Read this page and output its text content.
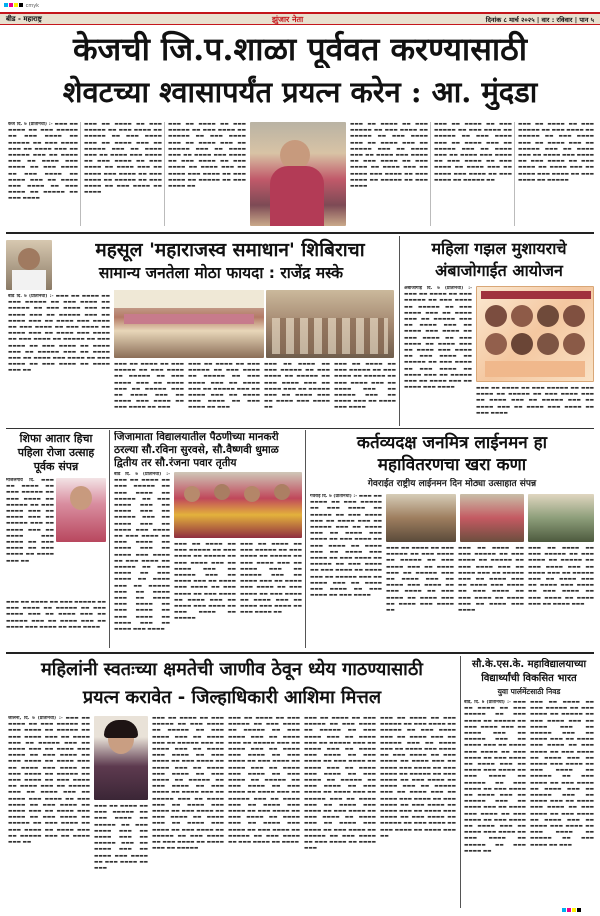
cmyk
बीड - महाराष्ट्र	झुंजार नेता	दिनांक ८ मार्च २०२५ | वार : रविवार | पान ५
केजची जि.प.शाळा पूर्ववत करण्यासाठी
शेवटच्या श्वासापर्यंत प्रयत्न करेन : आ. मुंदडा
केज दि. ७ (प्रतिनिधी) :- ▬▬▬ ▬▬ ▬▬▬▬ ▬▬ ▬▬▬ ▬▬▬▬▬ ▬▬ ▬▬▬ ▬▬▬▬ ▬▬ ▬▬▬▬▬ ▬▬ ▬▬▬ ▬▬▬▬ ▬▬▬ ▬▬ ▬▬▬▬ ▬▬▬ ▬▬ ▬▬▬▬▬ ▬▬▬ ▬▬ ▬▬▬▬ ▬▬▬ ▬▬ ▬▬▬▬ ▬▬▬ ▬▬▬▬ ▬▬ ▬▬▬ ▬▬▬▬ ▬▬ ▬▬▬ ▬▬▬▬ ▬▬ ▬▬▬▬ ▬▬▬ ▬▬ ▬▬▬▬ ▬▬▬ ▬▬▬▬ ▬▬ ▬▬▬ ▬▬▬▬ ▬▬ ▬▬▬▬▬ ▬▬ ▬▬▬ ▬▬▬▬
▬▬▬ ▬▬ ▬▬▬▬ ▬▬ ▬▬▬ ▬▬▬▬▬ ▬▬ ▬▬▬ ▬▬▬▬ ▬▬ ▬▬▬▬▬ ▬▬ ▬▬▬ ▬▬▬▬ ▬▬▬ ▬▬ ▬▬▬▬ ▬▬▬ ▬▬ ▬▬▬▬▬ ▬▬▬ ▬▬ ▬▬▬▬ ▬▬▬ ▬▬ ▬▬▬▬ ▬▬▬ ▬▬▬▬ ▬▬ ▬▬▬ ▬▬▬▬ ▬▬ ▬▬▬ ▬▬▬▬ ▬▬ ▬▬▬▬ ▬▬▬ ▬▬ ▬▬▬▬ ▬▬▬ ▬▬▬▬ ▬▬ ▬▬▬ ▬▬▬▬ ▬▬ ▬▬▬▬▬ ▬▬ ▬▬▬ ▬▬▬▬ ▬▬ ▬▬▬ ▬▬▬▬ ▬▬ ▬▬▬▬
▬▬▬ ▬▬ ▬▬▬▬ ▬▬ ▬▬▬ ▬▬▬▬▬ ▬▬ ▬▬▬ ▬▬▬▬ ▬▬ ▬▬▬▬▬ ▬▬ ▬▬▬ ▬▬▬▬ ▬▬▬ ▬▬ ▬▬▬▬ ▬▬▬ ▬▬ ▬▬▬▬▬ ▬▬▬ ▬▬ ▬▬▬▬ ▬▬▬ ▬▬ ▬▬▬▬ ▬▬▬ ▬▬▬▬ ▬▬ ▬▬▬ ▬▬▬▬ ▬▬ ▬▬▬ ▬▬▬▬ ▬▬ ▬▬▬▬ ▬▬▬ ▬▬ ▬▬▬▬ ▬▬▬ ▬▬▬▬ ▬▬ ▬▬▬ ▬▬▬▬ ▬▬ ▬▬▬▬▬ ▬▬ ▬▬▬ ▬▬▬▬ ▬▬
▬▬▬ ▬▬ ▬▬▬▬ ▬▬ ▬▬▬ ▬▬▬▬▬ ▬▬ ▬▬▬ ▬▬▬▬ ▬▬ ▬▬▬▬▬ ▬▬ ▬▬▬ ▬▬▬▬ ▬▬▬ ▬▬ ▬▬▬▬ ▬▬▬ ▬▬ ▬▬▬▬▬ ▬▬▬ ▬▬ ▬▬▬▬ ▬▬▬ ▬▬ ▬▬▬▬ ▬▬▬ ▬▬▬▬ ▬▬ ▬▬▬ ▬▬▬▬ ▬▬ ▬▬▬ ▬▬▬▬ ▬▬ ▬▬▬▬ ▬▬▬ ▬▬ ▬▬▬▬ ▬▬▬ ▬▬▬▬ ▬▬ ▬▬▬ ▬▬▬▬ ▬▬ ▬▬▬▬▬ ▬▬ ▬▬▬ ▬▬▬▬
▬▬▬ ▬▬ ▬▬▬▬ ▬▬ ▬▬▬ ▬▬▬▬▬ ▬▬ ▬▬▬ ▬▬▬▬ ▬▬ ▬▬▬▬▬ ▬▬ ▬▬▬ ▬▬▬▬ ▬▬▬ ▬▬ ▬▬▬▬ ▬▬▬ ▬▬ ▬▬▬▬▬ ▬▬▬ ▬▬ ▬▬▬▬ ▬▬▬ ▬▬ ▬▬▬▬ ▬▬▬ ▬▬▬▬ ▬▬ ▬▬▬ ▬▬▬▬ ▬▬ ▬▬▬ ▬▬▬▬ ▬▬ ▬▬▬▬ ▬▬▬ ▬▬ ▬▬▬▬ ▬▬▬ ▬▬▬▬ ▬▬ ▬▬▬ ▬▬▬▬ ▬▬ ▬▬▬▬▬ ▬▬
▬▬▬ ▬▬ ▬▬▬▬ ▬▬ ▬▬▬ ▬▬▬▬▬ ▬▬ ▬▬▬ ▬▬▬▬ ▬▬ ▬▬▬▬▬ ▬▬ ▬▬▬ ▬▬▬▬ ▬▬▬ ▬▬ ▬▬▬▬ ▬▬▬ ▬▬ ▬▬▬▬▬ ▬▬▬ ▬▬ ▬▬▬▬ ▬▬▬ ▬▬ ▬▬▬▬ ▬▬▬ ▬▬▬▬ ▬▬ ▬▬▬ ▬▬▬▬ ▬▬ ▬▬▬ ▬▬▬▬ ▬▬ ▬▬▬▬ ▬▬▬ ▬▬ ▬▬▬▬ ▬▬▬ ▬▬▬▬ ▬▬ ▬▬▬ ▬▬▬▬ ▬▬ ▬▬▬▬▬
महसूल 'महाराजस्व समाधान' शिबिराचा
सामान्य जनतेला मोठा फायदा : राजेंद्र मस्के
बीड दि. ७ (प्रतिनिधी) :- ▬▬▬ ▬▬ ▬▬▬▬ ▬▬ ▬▬▬ ▬▬▬▬▬ ▬▬ ▬▬▬ ▬▬▬▬ ▬▬ ▬▬▬▬▬ ▬▬ ▬▬▬ ▬▬▬▬ ▬▬▬ ▬▬ ▬▬▬▬ ▬▬▬ ▬▬ ▬▬▬▬▬ ▬▬▬ ▬▬ ▬▬▬▬ ▬▬▬ ▬▬ ▬▬▬▬ ▬▬▬ ▬▬▬▬ ▬▬ ▬▬▬ ▬▬▬▬ ▬▬ ▬▬▬ ▬▬▬▬ ▬▬ ▬▬▬▬ ▬▬▬ ▬▬ ▬▬▬▬ ▬▬▬ ▬▬▬▬ ▬▬ ▬▬▬ ▬▬▬▬ ▬▬ ▬▬▬▬▬ ▬▬ ▬▬▬ ▬▬▬▬ ▬▬ ▬▬▬ ▬▬▬▬ ▬▬ ▬▬▬▬ ▬▬▬ ▬▬ ▬▬▬▬▬ ▬▬▬ ▬▬ ▬▬▬▬ ▬▬▬ ▬▬ ▬▬▬▬ ▬▬▬ ▬▬▬▬ ▬▬ ▬▬▬ ▬▬▬▬ ▬▬ ▬▬▬ ▬▬▬▬ ▬▬ ▬▬▬▬ ▬▬▬ ▬▬
▬▬▬ ▬▬ ▬▬▬▬ ▬▬ ▬▬▬ ▬▬▬▬▬ ▬▬ ▬▬▬ ▬▬▬▬ ▬▬ ▬▬▬▬▬ ▬▬ ▬▬▬ ▬▬▬▬ ▬▬▬ ▬▬ ▬▬▬▬ ▬▬▬ ▬▬ ▬▬▬▬▬ ▬▬▬ ▬▬ ▬▬▬▬ ▬▬▬ ▬▬ ▬▬▬▬ ▬▬▬ ▬▬▬▬ ▬▬ ▬▬▬ ▬▬▬▬ ▬▬ ▬▬▬
▬▬▬ ▬▬ ▬▬▬▬ ▬▬ ▬▬▬ ▬▬▬▬▬ ▬▬ ▬▬▬ ▬▬▬▬ ▬▬ ▬▬▬▬▬ ▬▬ ▬▬▬ ▬▬▬▬ ▬▬▬ ▬▬ ▬▬▬▬ ▬▬▬ ▬▬ ▬▬▬▬▬ ▬▬▬ ▬▬ ▬▬▬▬ ▬▬▬ ▬▬ ▬▬▬▬ ▬▬▬ ▬▬▬▬ ▬▬ ▬▬▬ ▬▬▬▬ ▬▬ ▬▬▬
▬▬▬ ▬▬ ▬▬▬▬ ▬▬ ▬▬▬ ▬▬▬▬▬ ▬▬ ▬▬▬ ▬▬▬▬ ▬▬ ▬▬▬▬▬ ▬▬ ▬▬▬ ▬▬▬▬ ▬▬▬ ▬▬ ▬▬▬▬ ▬▬▬ ▬▬ ▬▬▬▬▬ ▬▬▬ ▬▬ ▬▬▬▬ ▬▬▬ ▬▬ ▬▬▬▬ ▬▬▬ ▬▬▬▬ ▬▬
▬▬▬ ▬▬ ▬▬▬▬ ▬▬ ▬▬▬ ▬▬▬▬▬ ▬▬ ▬▬▬ ▬▬▬▬ ▬▬ ▬▬▬▬▬ ▬▬ ▬▬▬ ▬▬▬▬ ▬▬▬ ▬▬ ▬▬▬▬ ▬▬▬ ▬▬ ▬▬▬▬▬ ▬▬▬ ▬▬ ▬▬▬▬ ▬▬▬ ▬▬ ▬▬▬▬ ▬▬▬ ▬▬▬▬
महिला गझल मुशायराचे
अंबाजोगाईत आयोजन
अंबाजोगाई दि. ७ (प्रतिनिधी) :- ▬▬▬ ▬▬ ▬▬▬▬ ▬▬ ▬▬▬ ▬▬▬▬▬ ▬▬ ▬▬▬ ▬▬▬▬ ▬▬ ▬▬▬▬▬ ▬▬ ▬▬▬ ▬▬▬▬ ▬▬▬ ▬▬ ▬▬▬▬ ▬▬▬ ▬▬ ▬▬▬▬▬ ▬▬▬ ▬▬ ▬▬▬▬ ▬▬▬ ▬▬ ▬▬▬▬ ▬▬▬ ▬▬▬▬ ▬▬ ▬▬▬ ▬▬▬▬ ▬▬ ▬▬▬ ▬▬▬▬ ▬▬ ▬▬▬▬ ▬▬▬ ▬▬ ▬▬▬▬ ▬▬▬ ▬▬▬▬ ▬▬ ▬▬▬ ▬▬▬▬ ▬▬ ▬▬▬▬▬ ▬▬ ▬▬▬ ▬▬▬▬ ▬▬ ▬▬▬ ▬▬▬▬ ▬▬ ▬▬▬▬ ▬▬▬ ▬▬ ▬▬▬▬▬ ▬▬▬ ▬▬ ▬▬▬▬ ▬▬▬ ▬▬ ▬▬▬▬ ▬▬▬ ▬▬▬▬	▬▬▬ ▬▬ ▬▬▬▬ ▬▬ ▬▬▬ ▬▬▬▬▬ ▬▬ ▬▬▬ ▬▬▬▬ ▬▬ ▬▬▬▬▬ ▬▬ ▬▬▬ ▬▬▬▬ ▬▬▬ ▬▬ ▬▬▬▬ ▬▬▬ ▬▬ ▬▬▬▬▬ ▬▬▬ ▬▬ ▬▬▬▬ ▬▬▬ ▬▬ ▬▬▬▬ ▬▬▬ ▬▬▬▬ ▬▬ ▬▬▬ ▬▬▬▬
शिफा आतार हिचा
पहिला रोजा उत्साह
पूर्वक संपन्न
माजलगाव दि. ▬▬▬ ▬▬ ▬▬▬▬ ▬▬ ▬▬▬ ▬▬▬▬▬ ▬▬ ▬▬▬ ▬▬▬▬ ▬▬ ▬▬▬▬▬ ▬▬ ▬▬▬ ▬▬▬▬ ▬▬▬ ▬▬ ▬▬▬▬ ▬▬▬ ▬▬ ▬▬▬▬▬ ▬▬▬ ▬▬ ▬▬▬▬ ▬▬▬ ▬▬ ▬▬▬▬ ▬▬▬ ▬▬▬▬ ▬▬ ▬▬▬ ▬▬▬▬ ▬▬ ▬▬▬ ▬▬▬▬ ▬▬ ▬▬▬▬ ▬▬▬ ▬▬
▬▬▬ ▬▬ ▬▬▬▬ ▬▬ ▬▬▬ ▬▬▬▬▬ ▬▬ ▬▬▬ ▬▬▬▬ ▬▬ ▬▬▬▬▬ ▬▬ ▬▬▬ ▬▬▬▬ ▬▬▬ ▬▬ ▬▬▬▬ ▬▬▬ ▬▬ ▬▬▬▬▬ ▬▬▬ ▬▬ ▬▬▬▬ ▬▬▬ ▬▬ ▬▬▬▬ ▬▬▬ ▬▬▬▬ ▬▬ ▬▬▬ ▬▬▬▬
जिजामाता विद्यालयातील पैठणीच्या मानकरी
ठरल्या सौ.रविना सुरवसे, सौ.वैष्णवी धुमाळ
द्वितीय तर सौ.रंजना पवार तृतीय
बीड दि. ७ (प्रतिनिधी) :- ▬▬▬ ▬▬ ▬▬▬▬ ▬▬ ▬▬▬ ▬▬▬▬▬ ▬▬ ▬▬▬ ▬▬▬▬ ▬▬ ▬▬▬▬▬ ▬▬ ▬▬▬ ▬▬▬▬ ▬▬▬ ▬▬ ▬▬▬▬ ▬▬▬ ▬▬ ▬▬▬▬▬ ▬▬▬ ▬▬ ▬▬▬▬ ▬▬▬ ▬▬ ▬▬▬▬ ▬▬▬ ▬▬▬▬ ▬▬ ▬▬▬ ▬▬▬▬ ▬▬ ▬▬▬ ▬▬▬▬ ▬▬ ▬▬▬▬ ▬▬▬ ▬▬ ▬▬▬▬ ▬▬▬ ▬▬▬▬ ▬▬ ▬▬▬ ▬▬▬▬ ▬▬ ▬▬▬▬▬ ▬▬ ▬▬▬ ▬▬▬▬ ▬▬ ▬▬▬ ▬▬▬▬ ▬▬ ▬▬▬▬ ▬▬▬ ▬▬ ▬▬▬▬▬ ▬▬▬ ▬▬ ▬▬▬▬ ▬▬▬ ▬▬ ▬▬▬▬ ▬▬▬ ▬▬▬▬ ▬▬ ▬▬▬ ▬▬▬▬ ▬▬ ▬▬▬ ▬▬▬▬ ▬▬ ▬▬▬▬ ▬▬▬ ▬▬ ▬▬▬▬ ▬▬▬ ▬▬▬▬
▬▬▬ ▬▬ ▬▬▬▬ ▬▬ ▬▬▬ ▬▬▬▬▬ ▬▬ ▬▬▬ ▬▬▬▬ ▬▬ ▬▬▬▬▬ ▬▬ ▬▬▬ ▬▬▬▬ ▬▬▬ ▬▬ ▬▬▬▬ ▬▬▬ ▬▬ ▬▬▬▬▬ ▬▬▬ ▬▬ ▬▬▬▬ ▬▬▬ ▬▬ ▬▬▬▬ ▬▬▬ ▬▬▬▬ ▬▬ ▬▬▬ ▬▬▬▬ ▬▬ ▬▬▬ ▬▬▬▬ ▬▬ ▬▬▬▬ ▬▬▬ ▬▬ ▬▬▬▬ ▬▬▬ ▬▬▬▬ ▬▬ ▬▬▬ ▬▬▬▬ ▬▬ ▬▬▬▬▬
▬▬▬ ▬▬ ▬▬▬▬ ▬▬ ▬▬▬ ▬▬▬▬▬ ▬▬ ▬▬▬ ▬▬▬▬ ▬▬ ▬▬▬▬▬ ▬▬ ▬▬▬ ▬▬▬▬ ▬▬▬ ▬▬ ▬▬▬▬ ▬▬▬ ▬▬ ▬▬▬▬▬ ▬▬▬ ▬▬ ▬▬▬▬ ▬▬▬ ▬▬ ▬▬▬▬ ▬▬▬ ▬▬▬▬ ▬▬ ▬▬▬ ▬▬▬▬ ▬▬ ▬▬▬ ▬▬▬▬ ▬▬ ▬▬▬▬ ▬▬▬ ▬▬ ▬▬▬▬ ▬▬▬ ▬▬▬▬ ▬▬ ▬▬▬ ▬▬▬▬ ▬▬
कर्तव्यदक्ष जनमित्र लाईनमन हा
महावितरणचा खरा कणा
गेवराईत राष्ट्रीय लाईनमन दिन मोठ्या उत्साहात संपन्न
गेवराई दि. ७ (प्रतिनिधी) :- ▬▬▬ ▬▬ ▬▬▬▬ ▬▬ ▬▬▬ ▬▬▬▬▬ ▬▬ ▬▬▬ ▬▬▬▬ ▬▬ ▬▬▬▬▬ ▬▬ ▬▬▬ ▬▬▬▬ ▬▬▬ ▬▬ ▬▬▬▬ ▬▬▬ ▬▬ ▬▬▬▬▬ ▬▬▬ ▬▬ ▬▬▬▬ ▬▬▬ ▬▬ ▬▬▬▬ ▬▬▬ ▬▬▬▬ ▬▬ ▬▬▬ ▬▬▬▬ ▬▬ ▬▬▬ ▬▬▬▬ ▬▬ ▬▬▬▬ ▬▬▬ ▬▬ ▬▬▬▬ ▬▬▬ ▬▬▬▬ ▬▬ ▬▬▬ ▬▬▬▬ ▬▬ ▬▬▬▬▬ ▬▬ ▬▬▬ ▬▬▬▬ ▬▬ ▬▬▬ ▬▬▬▬ ▬▬ ▬▬▬▬ ▬▬▬ ▬▬ ▬▬▬▬▬ ▬▬▬ ▬▬ ▬▬▬▬ ▬▬▬ ▬▬ ▬▬▬▬ ▬▬▬ ▬▬▬▬ ▬▬ ▬▬▬ ▬▬▬▬ ▬▬ ▬▬▬ ▬▬▬▬
▬▬▬ ▬▬ ▬▬▬▬ ▬▬ ▬▬▬ ▬▬▬▬▬ ▬▬ ▬▬▬ ▬▬▬▬ ▬▬ ▬▬▬▬▬ ▬▬ ▬▬▬ ▬▬▬▬ ▬▬▬ ▬▬ ▬▬▬▬ ▬▬▬ ▬▬ ▬▬▬▬▬ ▬▬▬ ▬▬ ▬▬▬▬ ▬▬▬ ▬▬ ▬▬▬▬ ▬▬▬ ▬▬▬▬ ▬▬ ▬▬▬ ▬▬▬▬ ▬▬ ▬▬▬ ▬▬▬▬ ▬▬ ▬▬▬▬ ▬▬▬ ▬▬ ▬▬▬▬ ▬▬▬ ▬▬▬▬ ▬▬
▬▬▬ ▬▬ ▬▬▬▬ ▬▬ ▬▬▬ ▬▬▬▬▬ ▬▬ ▬▬▬ ▬▬▬▬ ▬▬ ▬▬▬▬▬ ▬▬ ▬▬▬ ▬▬▬▬ ▬▬▬ ▬▬ ▬▬▬▬ ▬▬▬ ▬▬ ▬▬▬▬▬ ▬▬▬ ▬▬ ▬▬▬▬ ▬▬▬ ▬▬ ▬▬▬▬ ▬▬▬ ▬▬▬▬ ▬▬ ▬▬▬ ▬▬▬▬ ▬▬ ▬▬▬ ▬▬▬▬ ▬▬ ▬▬▬▬ ▬▬▬ ▬▬ ▬▬▬▬ ▬▬▬ ▬▬▬▬
▬▬▬ ▬▬ ▬▬▬▬ ▬▬ ▬▬▬ ▬▬▬▬▬ ▬▬ ▬▬▬ ▬▬▬▬ ▬▬ ▬▬▬▬▬ ▬▬ ▬▬▬ ▬▬▬▬ ▬▬▬ ▬▬ ▬▬▬▬ ▬▬▬ ▬▬ ▬▬▬▬▬ ▬▬▬ ▬▬ ▬▬▬▬ ▬▬▬ ▬▬ ▬▬▬▬ ▬▬▬ ▬▬▬▬ ▬▬ ▬▬▬ ▬▬▬▬ ▬▬ ▬▬▬ ▬▬▬▬ ▬▬ ▬▬▬▬ ▬▬▬ ▬▬ ▬▬▬▬ ▬▬▬
महिलांनी स्वतःच्या क्षमतेची जाणीव ठेवून ध्येय गाठण्यासाठी
प्रयत्न करावेत - जिल्हाधिकारी आशिमा मित्तल
जालना, दि. ७ (प्रतिनिधी) :- ▬▬▬ ▬▬ ▬▬▬▬ ▬▬ ▬▬▬ ▬▬▬▬▬ ▬▬ ▬▬▬ ▬▬▬▬ ▬▬ ▬▬▬▬▬ ▬▬ ▬▬▬ ▬▬▬▬ ▬▬▬ ▬▬ ▬▬▬▬ ▬▬▬ ▬▬ ▬▬▬▬▬ ▬▬▬ ▬▬ ▬▬▬▬ ▬▬▬ ▬▬ ▬▬▬▬ ▬▬▬ ▬▬▬▬ ▬▬ ▬▬▬ ▬▬▬▬ ▬▬ ▬▬▬ ▬▬▬▬ ▬▬ ▬▬▬▬ ▬▬▬ ▬▬ ▬▬▬▬ ▬▬▬ ▬▬▬▬ ▬▬ ▬▬▬ ▬▬▬▬ ▬▬ ▬▬▬▬▬ ▬▬ ▬▬▬ ▬▬▬▬ ▬▬ ▬▬▬ ▬▬▬▬ ▬▬ ▬▬▬▬ ▬▬▬ ▬▬ ▬▬▬▬▬ ▬▬▬ ▬▬ ▬▬▬▬ ▬▬▬ ▬▬ ▬▬▬▬ ▬▬▬ ▬▬▬▬ ▬▬ ▬▬▬ ▬▬▬▬ ▬▬ ▬▬▬ ▬▬▬▬ ▬▬ ▬▬▬▬ ▬▬▬ ▬▬ ▬▬▬▬ ▬▬▬ ▬▬▬▬ ▬▬ ▬▬▬ ▬▬▬▬ ▬▬ ▬▬▬▬▬ ▬▬ ▬▬▬ ▬▬▬▬ ▬▬ ▬▬▬ ▬▬▬▬ ▬▬ ▬▬▬▬ ▬▬▬ ▬▬ ▬▬▬▬▬ ▬▬▬ ▬▬ ▬▬▬▬ ▬▬▬ ▬▬
▬▬▬ ▬▬ ▬▬▬▬ ▬▬ ▬▬▬ ▬▬▬▬▬ ▬▬ ▬▬▬ ▬▬▬▬ ▬▬ ▬▬▬▬▬ ▬▬ ▬▬▬ ▬▬▬▬ ▬▬▬ ▬▬ ▬▬▬▬ ▬▬▬ ▬▬ ▬▬▬▬▬ ▬▬▬ ▬▬ ▬▬▬▬ ▬▬▬ ▬▬ ▬▬▬▬ ▬▬▬ ▬▬▬▬ ▬▬ ▬▬▬ ▬▬▬▬ ▬▬ ▬▬▬
▬▬▬ ▬▬ ▬▬▬▬ ▬▬ ▬▬▬ ▬▬▬▬▬ ▬▬ ▬▬▬ ▬▬▬▬ ▬▬ ▬▬▬▬▬ ▬▬ ▬▬▬ ▬▬▬▬ ▬▬▬ ▬▬ ▬▬▬▬ ▬▬▬ ▬▬ ▬▬▬▬▬ ▬▬▬ ▬▬ ▬▬▬▬ ▬▬▬ ▬▬ ▬▬▬▬ ▬▬▬ ▬▬▬▬ ▬▬ ▬▬▬ ▬▬▬▬ ▬▬ ▬▬▬ ▬▬▬▬ ▬▬ ▬▬▬▬ ▬▬▬ ▬▬ ▬▬▬▬ ▬▬▬ ▬▬▬▬ ▬▬ ▬▬▬ ▬▬▬▬ ▬▬ ▬▬▬▬▬ ▬▬ ▬▬▬ ▬▬▬▬ ▬▬ ▬▬▬ ▬▬▬▬ ▬▬ ▬▬▬▬ ▬▬▬ ▬▬ ▬▬▬▬▬ ▬▬▬ ▬▬ ▬▬▬▬ ▬▬▬ ▬▬ ▬▬▬▬ ▬▬▬ ▬▬▬▬ ▬▬ ▬▬▬ ▬▬▬▬ ▬▬ ▬▬▬ ▬▬▬▬ ▬▬ ▬▬▬▬ ▬▬▬ ▬▬ ▬▬▬▬ ▬▬▬ ▬▬▬▬ ▬▬ ▬▬▬ ▬▬▬▬ ▬▬ ▬▬▬▬▬ ▬▬ ▬▬▬ ▬▬▬▬ ▬▬ ▬▬▬ ▬▬▬▬ ▬▬ ▬▬▬▬ ▬▬▬ ▬▬ ▬▬▬▬▬
▬▬▬ ▬▬ ▬▬▬▬ ▬▬ ▬▬▬ ▬▬▬▬▬ ▬▬ ▬▬▬ ▬▬▬▬ ▬▬ ▬▬▬▬▬ ▬▬ ▬▬▬ ▬▬▬▬ ▬▬▬ ▬▬ ▬▬▬▬ ▬▬▬ ▬▬ ▬▬▬▬▬ ▬▬▬ ▬▬ ▬▬▬▬ ▬▬▬ ▬▬ ▬▬▬▬ ▬▬▬ ▬▬▬▬ ▬▬ ▬▬▬ ▬▬▬▬ ▬▬ ▬▬▬ ▬▬▬▬ ▬▬ ▬▬▬▬ ▬▬▬ ▬▬ ▬▬▬▬ ▬▬▬ ▬▬▬▬ ▬▬ ▬▬▬ ▬▬▬▬ ▬▬ ▬▬▬▬▬ ▬▬ ▬▬▬ ▬▬▬▬ ▬▬ ▬▬▬ ▬▬▬▬ ▬▬ ▬▬▬▬ ▬▬▬ ▬▬ ▬▬▬▬▬ ▬▬▬ ▬▬ ▬▬▬▬ ▬▬▬ ▬▬ ▬▬▬▬ ▬▬▬ ▬▬▬▬ ▬▬ ▬▬▬ ▬▬▬▬ ▬▬ ▬▬▬ ▬▬▬▬ ▬▬ ▬▬▬▬ ▬▬▬ ▬▬ ▬▬▬▬ ▬▬▬ ▬▬▬▬ ▬▬ ▬▬▬ ▬▬▬▬ ▬▬ ▬▬▬▬▬ ▬▬ ▬▬▬ ▬▬▬▬ ▬▬ ▬▬▬ ▬▬▬▬ ▬▬ ▬▬▬▬
▬▬▬ ▬▬ ▬▬▬▬ ▬▬ ▬▬▬ ▬▬▬▬▬ ▬▬ ▬▬▬ ▬▬▬▬ ▬▬ ▬▬▬▬▬ ▬▬ ▬▬▬ ▬▬▬▬ ▬▬▬ ▬▬ ▬▬▬▬ ▬▬▬ ▬▬ ▬▬▬▬▬ ▬▬▬ ▬▬ ▬▬▬▬ ▬▬▬ ▬▬ ▬▬▬▬ ▬▬▬ ▬▬▬▬ ▬▬ ▬▬▬ ▬▬▬▬ ▬▬ ▬▬▬ ▬▬▬▬ ▬▬ ▬▬▬▬ ▬▬▬ ▬▬ ▬▬▬▬ ▬▬▬ ▬▬▬▬ ▬▬ ▬▬▬ ▬▬▬▬ ▬▬ ▬▬▬▬▬ ▬▬ ▬▬▬ ▬▬▬▬ ▬▬ ▬▬▬ ▬▬▬▬ ▬▬ ▬▬▬▬ ▬▬▬ ▬▬ ▬▬▬▬▬ ▬▬▬ ▬▬ ▬▬▬▬ ▬▬▬ ▬▬ ▬▬▬▬ ▬▬▬ ▬▬▬▬ ▬▬ ▬▬▬ ▬▬▬▬ ▬▬ ▬▬▬ ▬▬▬▬ ▬▬ ▬▬▬▬ ▬▬▬ ▬▬ ▬▬▬▬ ▬▬▬ ▬▬▬▬ ▬▬ ▬▬▬ ▬▬▬▬ ▬▬ ▬▬▬▬▬ ▬▬ ▬▬▬ ▬▬▬▬ ▬▬ ▬▬▬ ▬▬▬▬ ▬▬ ▬▬▬▬ ▬▬▬
▬▬▬ ▬▬ ▬▬▬▬ ▬▬ ▬▬▬ ▬▬▬▬▬ ▬▬ ▬▬▬ ▬▬▬▬ ▬▬ ▬▬▬▬▬ ▬▬ ▬▬▬ ▬▬▬▬ ▬▬▬ ▬▬ ▬▬▬▬ ▬▬▬ ▬▬ ▬▬▬▬▬ ▬▬▬ ▬▬ ▬▬▬▬ ▬▬▬ ▬▬ ▬▬▬▬ ▬▬▬ ▬▬▬▬ ▬▬ ▬▬▬ ▬▬▬▬ ▬▬ ▬▬▬ ▬▬▬▬ ▬▬ ▬▬▬▬ ▬▬▬ ▬▬ ▬▬▬▬ ▬▬▬ ▬▬▬▬ ▬▬ ▬▬▬ ▬▬▬▬ ▬▬ ▬▬▬▬▬ ▬▬ ▬▬▬ ▬▬▬▬ ▬▬ ▬▬▬ ▬▬▬▬ ▬▬ ▬▬▬▬ ▬▬▬ ▬▬ ▬▬▬▬▬ ▬▬▬ ▬▬ ▬▬▬▬ ▬▬▬ ▬▬ ▬▬▬▬ ▬▬▬ ▬▬▬▬ ▬▬ ▬▬▬ ▬▬▬▬ ▬▬ ▬▬▬ ▬▬▬▬ ▬▬ ▬▬▬▬ ▬▬▬ ▬▬ ▬▬▬▬ ▬▬▬ ▬▬▬▬ ▬▬ ▬▬▬ ▬▬▬▬ ▬▬ ▬▬▬▬▬ ▬▬ ▬▬▬ ▬▬▬▬ ▬▬ ▬▬▬ ▬▬▬▬ ▬▬ ▬▬▬▬ ▬▬▬ ▬▬
सौ.के.एस.के. महाविद्यालयाच्या
विद्यार्थ्यांची विकसित भारत
युवा पार्लमेंटसाठी निवड
बीड, दि. ७ (प्रतिनिधी) :- ▬▬▬ ▬▬ ▬▬▬▬ ▬▬ ▬▬▬ ▬▬▬▬▬ ▬▬ ▬▬▬ ▬▬▬▬ ▬▬ ▬▬▬▬▬ ▬▬ ▬▬▬ ▬▬▬▬ ▬▬▬ ▬▬ ▬▬▬▬ ▬▬▬ ▬▬ ▬▬▬▬▬ ▬▬▬ ▬▬ ▬▬▬▬ ▬▬▬ ▬▬ ▬▬▬▬ ▬▬▬ ▬▬▬▬ ▬▬ ▬▬▬ ▬▬▬▬ ▬▬ ▬▬▬ ▬▬▬▬ ▬▬ ▬▬▬▬ ▬▬▬ ▬▬ ▬▬▬▬ ▬▬▬ ▬▬▬▬ ▬▬ ▬▬▬ ▬▬▬▬ ▬▬ ▬▬▬▬▬ ▬▬ ▬▬▬ ▬▬▬▬ ▬▬ ▬▬▬ ▬▬▬▬ ▬▬ ▬▬▬▬ ▬▬▬ ▬▬ ▬▬▬▬▬ ▬▬▬ ▬▬ ▬▬▬▬ ▬▬▬ ▬▬ ▬▬▬▬ ▬▬▬ ▬▬▬▬ ▬▬ ▬▬▬ ▬▬▬▬ ▬▬ ▬▬▬ ▬▬▬▬ ▬▬ ▬▬▬▬ ▬▬▬ ▬▬ ▬▬▬▬ ▬▬▬ ▬▬▬▬ ▬▬ ▬▬▬ ▬▬▬▬ ▬▬ ▬▬▬▬▬ ▬▬ ▬▬▬ ▬▬▬▬ ▬▬
▬▬▬ ▬▬ ▬▬▬▬ ▬▬ ▬▬▬ ▬▬▬▬▬ ▬▬ ▬▬▬ ▬▬▬▬ ▬▬ ▬▬▬▬▬ ▬▬ ▬▬▬ ▬▬▬▬ ▬▬▬ ▬▬ ▬▬▬▬ ▬▬▬ ▬▬ ▬▬▬▬▬ ▬▬▬ ▬▬ ▬▬▬▬ ▬▬▬ ▬▬ ▬▬▬▬ ▬▬▬ ▬▬▬▬ ▬▬ ▬▬▬ ▬▬▬▬ ▬▬ ▬▬▬ ▬▬▬▬ ▬▬ ▬▬▬▬ ▬▬▬ ▬▬ ▬▬▬▬ ▬▬▬ ▬▬▬▬ ▬▬ ▬▬▬ ▬▬▬▬ ▬▬ ▬▬▬▬▬ ▬▬ ▬▬▬ ▬▬▬▬ ▬▬ ▬▬▬ ▬▬▬▬ ▬▬ ▬▬▬▬ ▬▬▬ ▬▬ ▬▬▬▬▬ ▬▬▬ ▬▬ ▬▬▬▬ ▬▬▬ ▬▬ ▬▬▬▬ ▬▬▬ ▬▬▬▬ ▬▬ ▬▬▬ ▬▬▬▬ ▬▬ ▬▬▬ ▬▬▬▬ ▬▬ ▬▬▬▬ ▬▬▬ ▬▬ ▬▬▬▬ ▬▬▬ ▬▬▬▬ ▬▬ ▬▬▬ ▬▬▬▬ ▬▬ ▬▬▬▬▬ ▬▬ ▬▬▬ ▬▬▬▬ ▬▬ ▬▬▬
